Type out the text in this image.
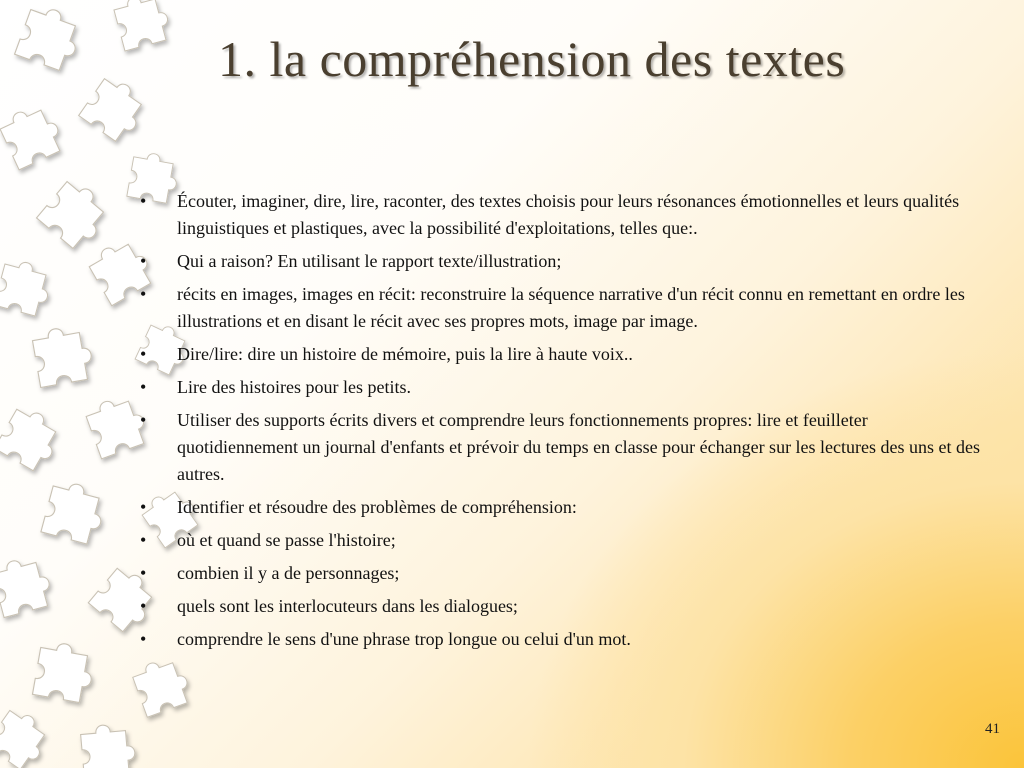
1. la compréhension des textes
•	Écouter, imaginer, dire, lire, raconter, des textes choisis pour leurs résonances émotionnelles et leurs qualités linguistiques et plastiques, avec la possibilité d'exploitations, telles que:.
•	Qui a raison? En utilisant le rapport texte/illustration;
•	récits en images, images en récit: reconstruire la séquence narrative d'un récit connu en remettant en ordre les illustrations et en disant le récit avec ses propres mots, image par image.
•	Dire/lire: dire un histoire de mémoire, puis la lire à haute voix..
•	Lire des histoires pour les petits.
•	Utiliser des supports écrits divers et comprendre leurs fonctionnements propres: lire et feuilleter quotidiennement un journal d'enfants et prévoir du temps en classe pour échanger sur les lectures des uns et des autres.
•	Identifier et résoudre des problèmes de compréhension:
•	où et quand se passe l'histoire;
•	combien il y a de personnages;
•	quels sont les interlocuteurs dans les dialogues;
•	comprendre le sens d'une phrase trop longue ou celui d'un mot.
41
